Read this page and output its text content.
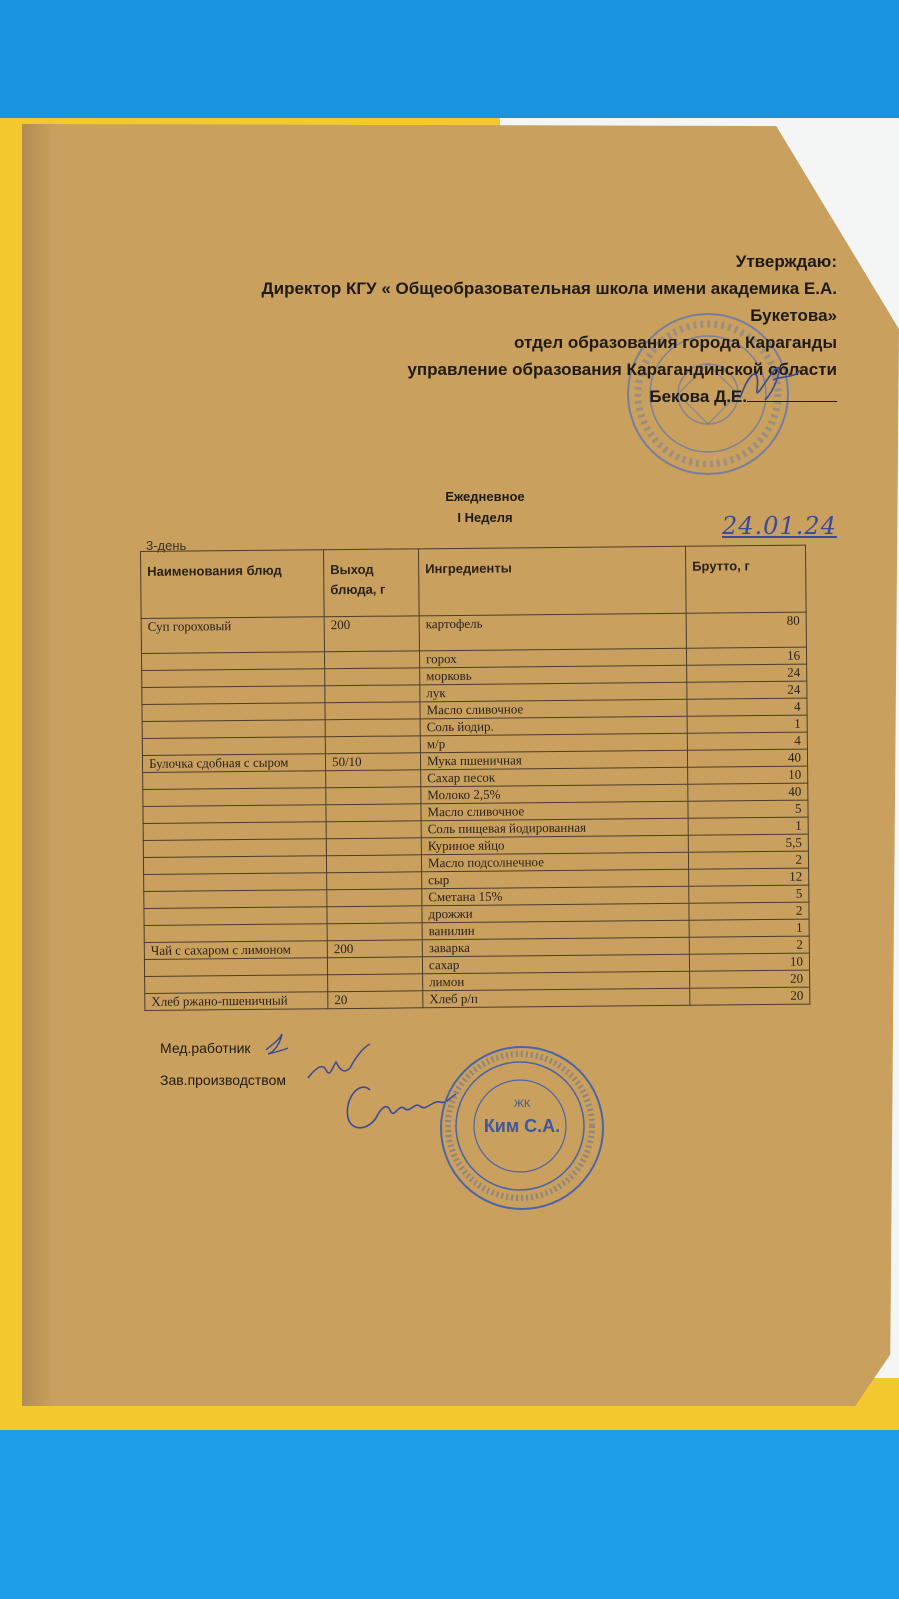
Утверждаю:
Директор КГУ « Общеобразовательная школа имени академика Е.А.
Букетова»
отдел образования города Караганды
управление образования Карагандинской области
Бекова Д.Е.
Ежедневное
I Неделя
3-день
24.01.24
Наименования блюд	Выход блюда, г	Ингредиенты	Брутто, г
Суп гороховый	200	картофель	80
		горох	16
		морковь	24
		лук	24
		Масло сливочное	4
		Соль йодир.	1
		м/р	4
Булочка сдобная с сыром	50/10	Мука пшеничная	40
		Сахар песок	10
		Молоко 2,5%	40
		Масло сливочное	5
		Соль пищевая йодированная	1
		Куриное яйцо	5,5
		Масло подсолнечное	2
		сыр	12
		Сметана 15%	5
		дрожжи	2
		ванилин	1
Чай с сахаром с лимоном	200	заварка	2
		сахар	10
		лимон	20
Хлеб ржано-пшеничный	20	Хлеб р/п	20
Мед.работник
Зав.производством
ЖК
Ким С.А.
